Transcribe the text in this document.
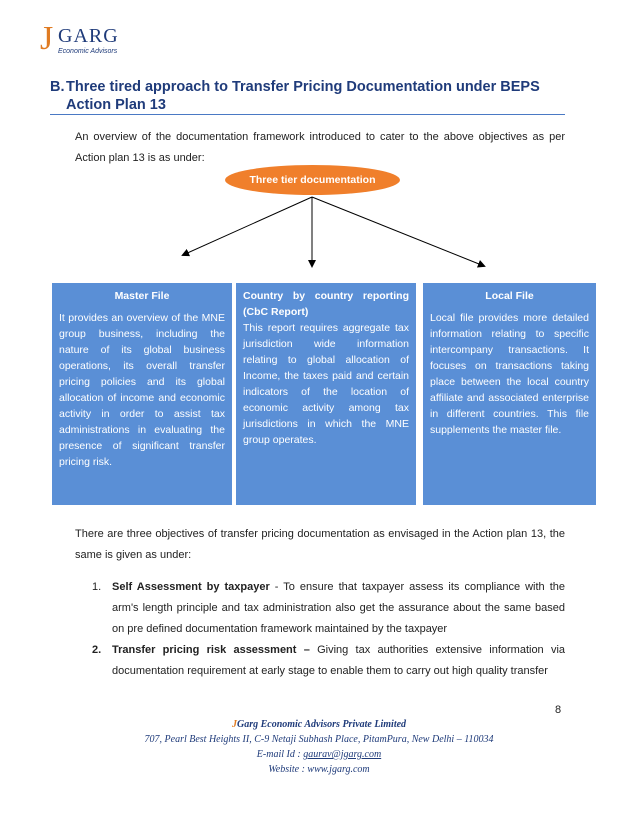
J GARG
Economic Advisors
B. Three tired approach to Transfer Pricing Documentation under BEPS Action Plan 13
An overview of the documentation framework introduced to cater to the above objectives as per Action plan 13 is as under:
Three tier documentation
Master File
It provides an overview of the MNE group business, including the nature of its global business operations, its overall transfer pricing policies and its global allocation of income and economic activity in order to assist tax administrations in evaluating the presence of significant transfer pricing risk.
Country by country reporting (CbC Report)
This report requires aggregate tax jurisdiction wide information relating to global allocation of Income, the taxes paid and certain indicators of the location of economic activity among tax jurisdictions in which the MNE group operates.
Local File
Local file provides more detailed information relating to specific intercompany transactions. It focuses on transactions taking place between the local country affiliate and associated enterprise in different countries. This file supplements the master file.
There are three objectives of transfer pricing documentation as envisaged in the Action plan 13, the same is given as under:
1. Self Assessment by taxpayer - To ensure that taxpayer assess its compliance with the arm's length principle and tax administration also get the assurance about the same based on pre defined documentation framework maintained by the taxpayer
2. Transfer pricing risk assessment – Giving tax authorities extensive information via documentation requirement at early stage to enable them to carry out high quality transfer
8
JGarg Economic Advisors Private Limited
707, Pearl Best Heights II, C-9 Netaji Subhash Place, PitamPura, New Delhi – 110034
E-mail Id : gaurav@jgarg.com
Website : www.jgarg.com
